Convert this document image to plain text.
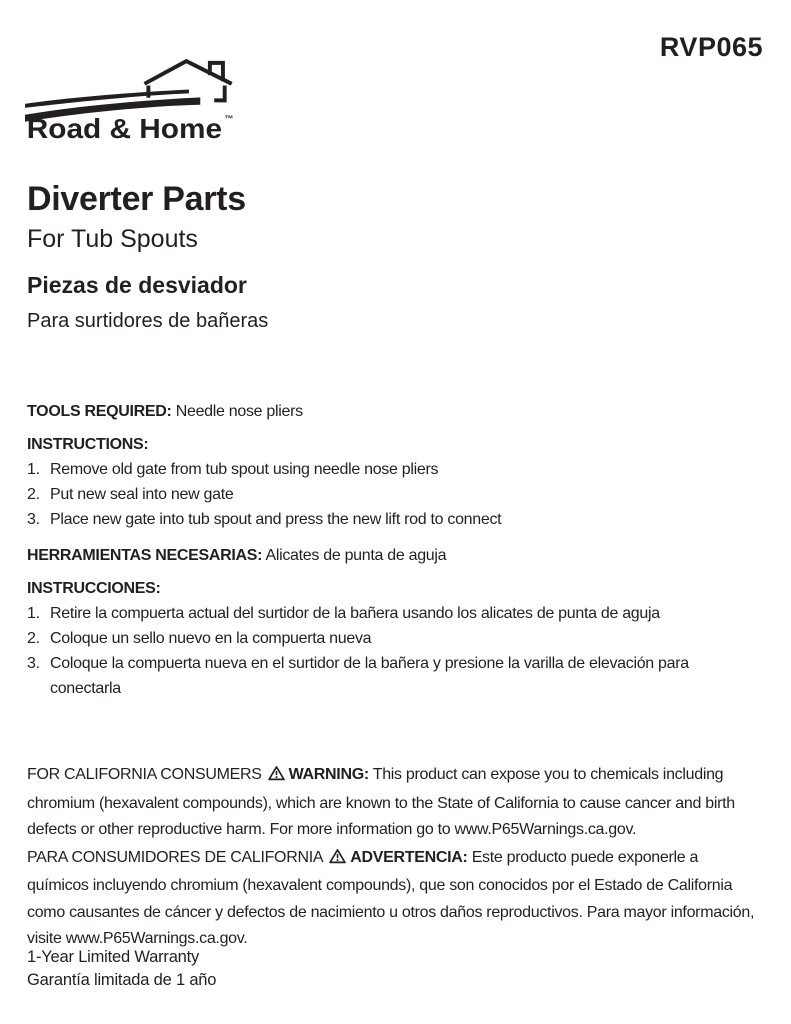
RVP065
Road & Home ™
Diverter Parts
For Tub Spouts
Piezas de desviador
Para surtidores de bañeras

TOOLS REQUIRED: Needle nose pliers

INSTRUCTIONS:

1. Remove old gate from tub spout using needle nose pliers
2. Put new seal into new gate
3. Place new gate into tub spout and press the new lift rod to connect

HERRAMIENTAS NECESARIAS: Alicates de punta de aguja

INSTRUCCIONES:

1. Retire la compuerta actual del surtidor de la bañera usando los alicates de punta de aguja
2. Coloque un sello nuevo en la compuerta nueva
3. Coloque la compuerta nueva en el surtidor de la bañera y presione la varilla de elevación para conectarla

FOR CALIFORNIA CONSUMERS WARNING: This product can expose you to chemicals including chromium (hexavalent compounds), which are known to the State of California to cause cancer and birth defects or other reproductive harm. For more information go to www.P65Warnings.ca.gov.

PARA CONSUMIDORES DE CALIFORNIA ADVERTENCIA: Este producto puede exponerle a químicos incluyendo chromium (hexavalent compounds), que son conocidos por el Estado de California como causantes de cáncer y defectos de nacimiento u otros daños reproductivos. Para mayor información, visite www.P65Warnings.ca.gov.

1-Year Limited Warranty
Garantía limitada de 1 año
